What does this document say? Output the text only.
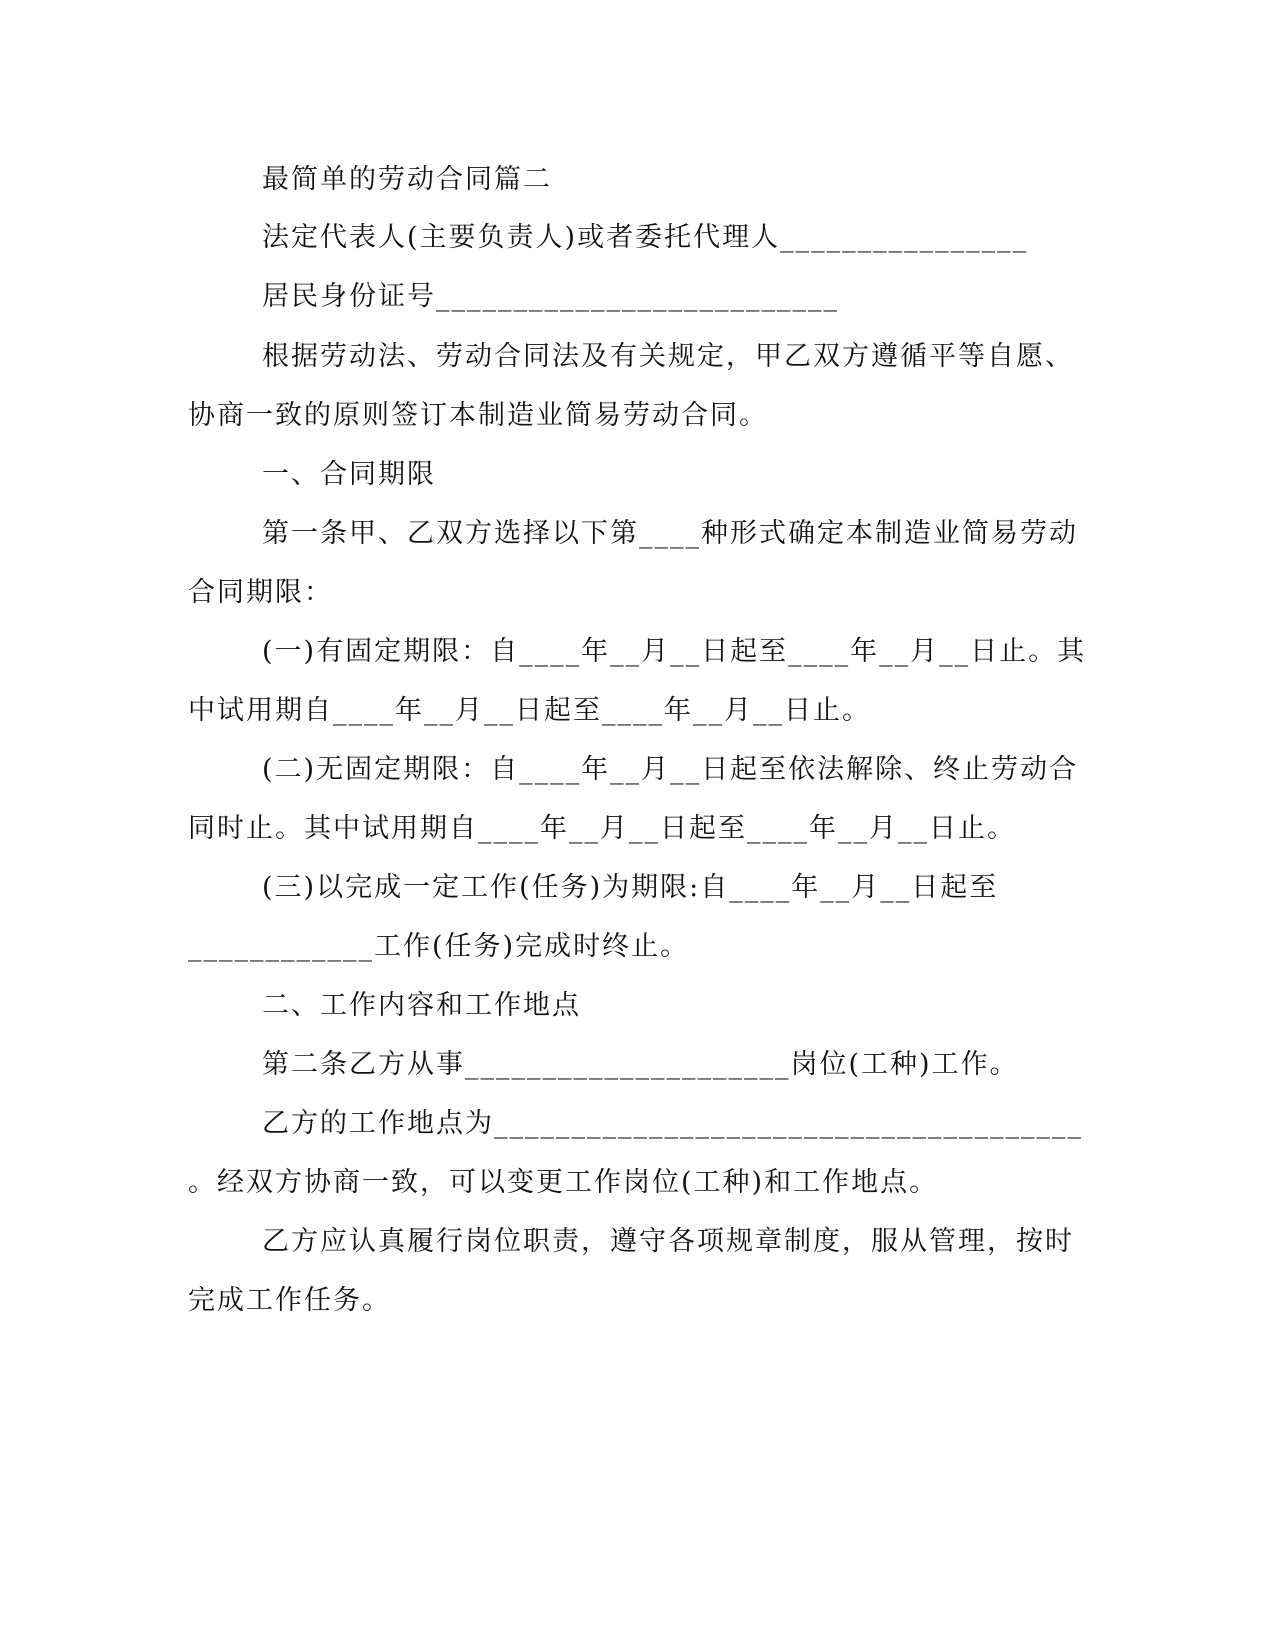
最简单的劳动合同篇二
法定代表人(主要负责人)或者委托代理人________________
居民身份证号__________________________
根据劳动法、劳动合同法及有关规定，甲乙双方遵循平等自愿、
协商一致的原则签订本制造业简易劳动合同。
一、合同期限
第一条甲、乙双方选择以下第____种形式确定本制造业简易劳动
合同期限：
(一)有固定期限：自____年__月__日起至____年__月__日止。其
中试用期自____年__月__日起至____年__月__日止。
(二)无固定期限：自____年__月__日起至依法解除、终止劳动合
同时止。其中试用期自____年__月__日起至____年__月__日止。
(三)以完成一定工作(任务)为期限:自____年__月__日起至
____________工作(任务)完成时终止。
二、工作内容和工作地点
第二条乙方从事_____________________岗位(工种)工作。
乙方的工作地点为______________________________________
。经双方协商一致，可以变更工作岗位(工种)和工作地点。
乙方应认真履行岗位职责，遵守各项规章制度，服从管理，按时
完成工作任务。
